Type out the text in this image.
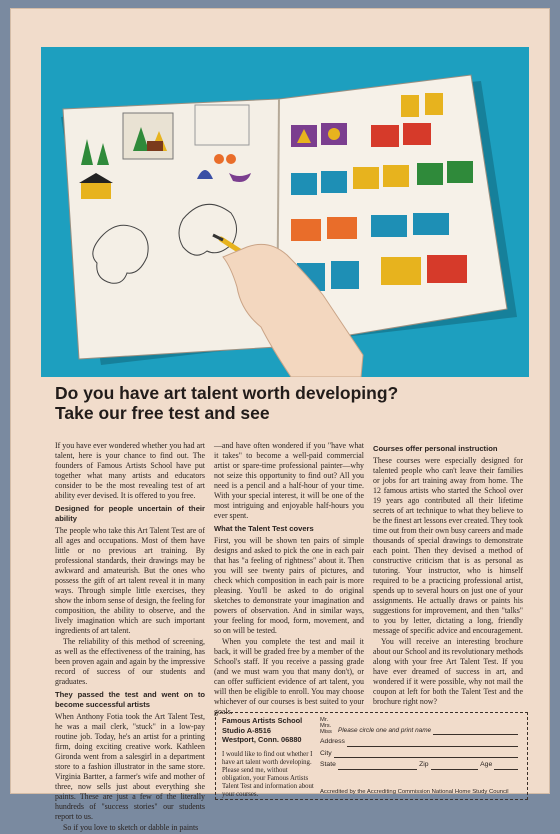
Do you have art talent worth developing?
Take our free test and see

If you have ever wondered whether you had art talent, here is your chance to find out. The founders of Famous Artists School have put together what many artists and educators consider to be the most revealing test of art ability ever devised. It is offered to you free.

Designed for people uncertain of their ability

The people who take this Art Talent Test are of all ages and occupations. Most of them have little or no previous art training. By professional standards, their drawings may be awkward and amateurish. But the ones who possess the gift of art talent reveal it in many ways. Through simple little exercises, they show the inborn sense of design, the feeling for composition, the ability to observe, and the lively imagination which are such important ingredients of art talent.

The reliability of this method of screening, as well as the effectiveness of the training, has been proven again and again by the impressive record of success of our students and graduates.

They passed the test and went on to become successful artists

When Anthony Fotia took the Art Talent Test, he was a mail clerk, "stuck" in a low-pay routine job. Today, he's an artist for a printing firm, doing exciting creative work. Kathleen Gironda went from a salesgirl in a department store to a fashion illustrator in the same store. Virginia Bartter, a farmer's wife and mother of three, now sells just about everything she paints. These are just a few of the literally hundreds of "success stories" our students report to us.

So if you love to sketch or dabble in paints

—and have often wondered if you "have what it takes" to become a well-paid commercial artist or spare-time professional painter—why not seize this opportunity to find out? All you need is a pencil and a half-hour of your time. With your special interest, it will be one of the most intriguing and enjoyable half-hours you ever spent.

What the Talent Test covers

First, you will be shown ten pairs of simple designs and asked to pick the one in each pair that has "a feeling of rightness" about it. Then you will see twenty pairs of pictures, and check which composition in each pair is more pleasing. You'll be asked to do original sketches to demonstrate your imagination and powers of observation. And in similar ways, your feeling for mood, form, movement, and so on will be tested.

When you complete the test and mail it back, it will be graded free by a member of the School's staff. If you receive a passing grade (and we must warn you that many don't), or can offer sufficient evidence of art talent, you will then be eligible to enroll. You may choose whichever of our courses is best suited to your goals.

Courses offer personal instruction

These courses were especially designed for talented people who can't leave their families or jobs for art training away from home. The 12 famous artists who started the School over 19 years ago contributed all their lifetime secrets of art technique to what they believe to be the finest art lessons ever created. They took time out from their own busy careers and made thousands of special drawings to demonstrate each point. Then they devised a method of constructive criticism that is as personal as tutoring. Your instructor, who is himself required to be a practicing professional artist, spends up to several hours on just one of your assignments. He actually draws or paints his suggestions for improvement, and then "talks" to you by letter, dictating a long, friendly message of specific advice and encouragement.

You will receive an interesting brochure about our School and its revolutionary methods along with your free Art Talent Test. If you have ever dreamed of success in art, and wondered if it were possible, why not mail the coupon at left for both the Talent Test and the brochure right now?

Famous Artists School
Studio A-8516
Westport, Conn. 06880
I would like to find out whether I have art talent worth developing. Please send me, without obligation, your Famous Artists Talent Test and information about your courses.
Mr. Mrs. Miss Please circle one and print name
Address
City
State	Zip	Age
Accredited by the Accrediting Commission National Home Study Council
